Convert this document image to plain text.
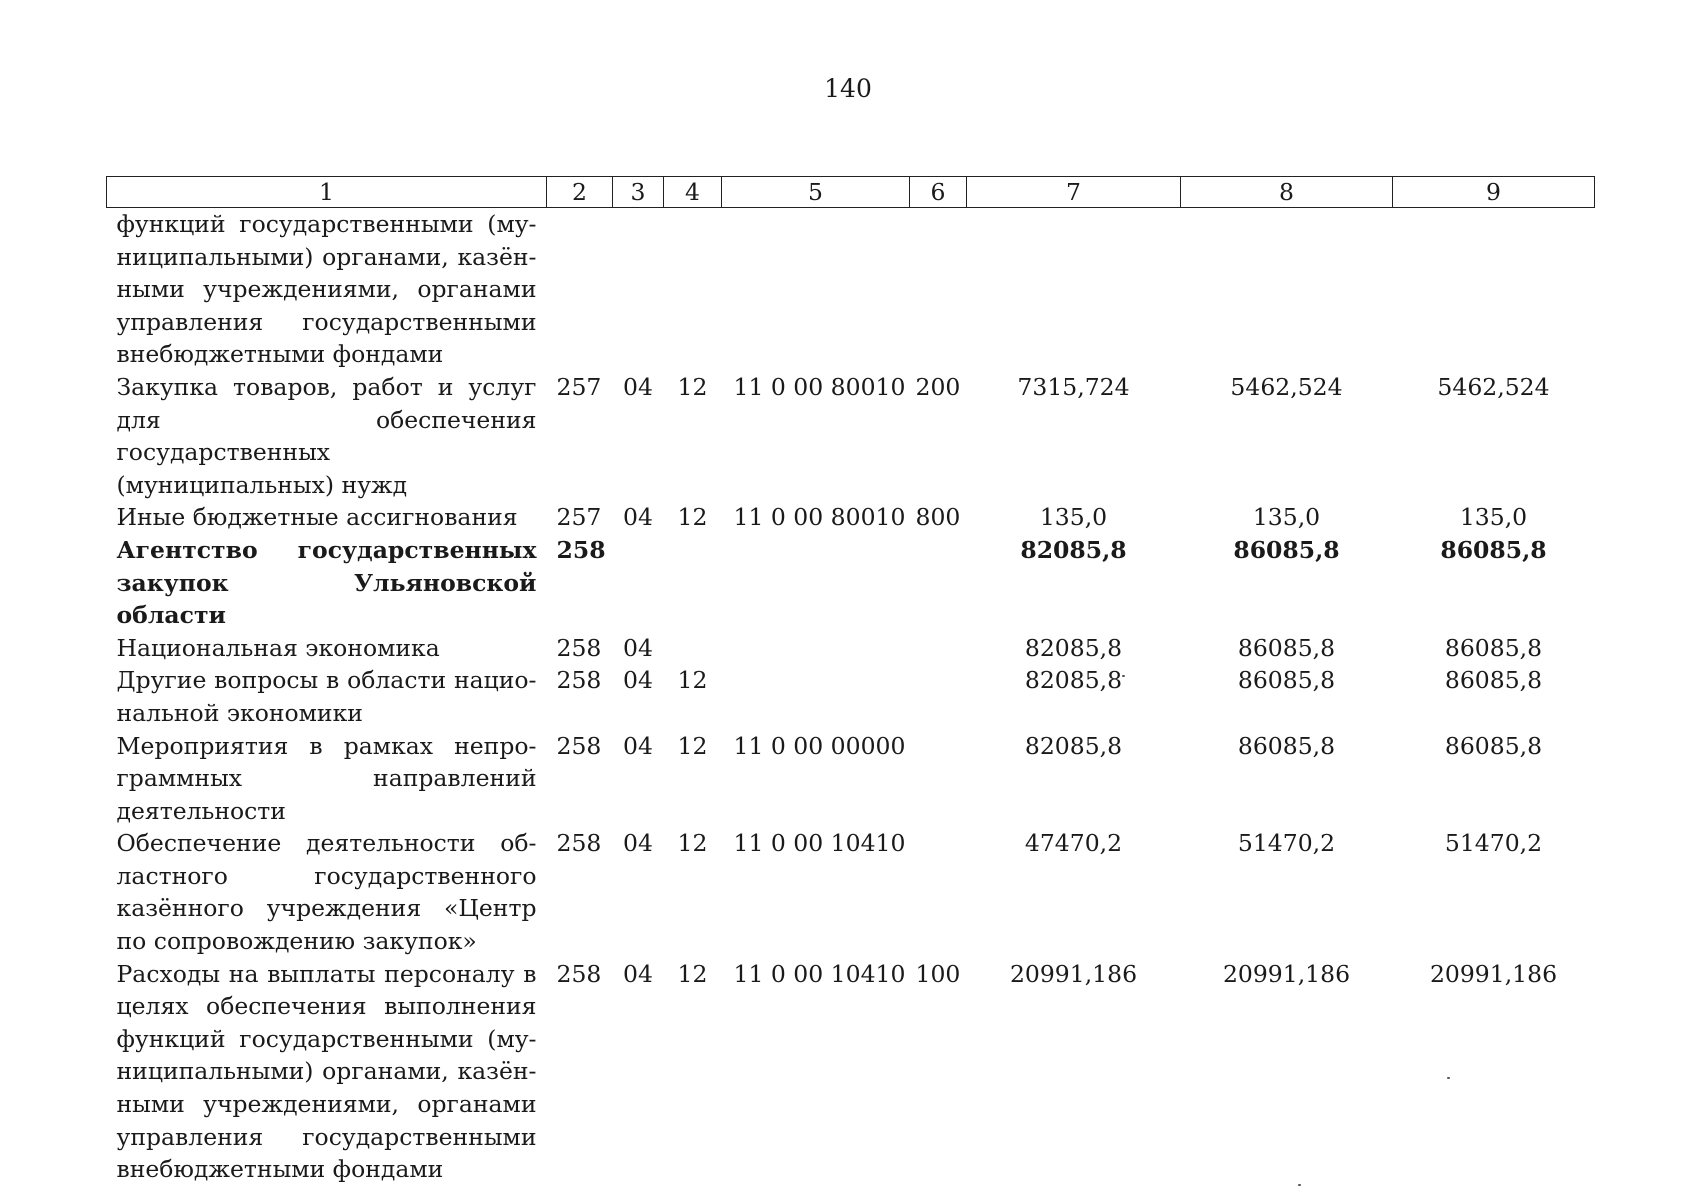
140
1	2	3	4	5	6	7	8	9
функций государственными (муниципальными) органами, казёнными учреждениями, органами управления государственными внебюджетными фондами								
Закупка товаров, работ и услуг для обеспечения государственных (муниципальных) нужд	257	04	12	11 0 00 80010	200	7315,724	5462,524	5462,524
Иные бюджетные ассигнования	257	04	12	11 0 00 80010	800	135,0	135,0	135,0
Агентство государственных закупок Ульяновской области	258					82085,8	86085,8	86085,8
Национальная экономика	258	04				82085,8	86085,8	86085,8
Другие вопросы в области национальной экономики	258	04	12			82085,8	86085,8	86085,8
Мероприятия в рамках непрограммных направлений деятельности	258	04	12	11 0 00 00000		82085,8	86085,8	86085,8
Обеспечение деятельности областного государственного казённого учреждения «Центр по сопровождению закупок»	258	04	12	11 0 00 10410		47470,2	51470,2	51470,2
Расходы на выплаты персоналу в целях обеспечения выполнения функций государственными (муниципальными) органами, казёнными учреждениями, органами управления государственными внебюджетными фондами	258	04	12	11 0 00 10410	100	20991,186	20991,186	20991,186
